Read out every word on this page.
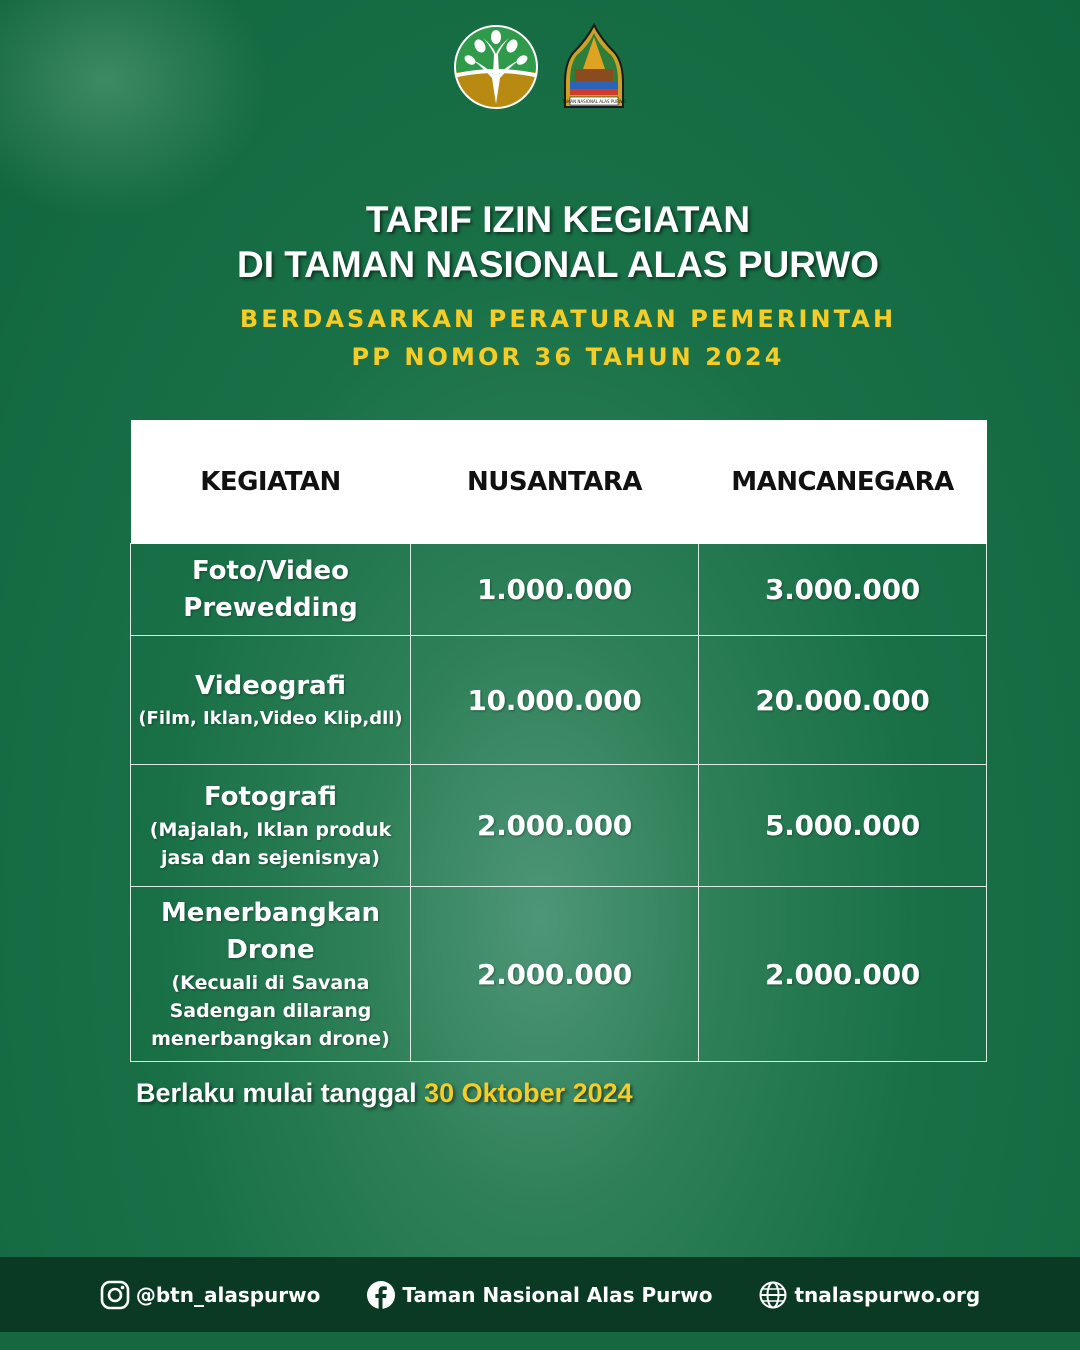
TAMAN NASIONAL ALAS PURWO
TARIF IZIN KEGIATAN
DI TAMAN NASIONAL ALAS PURWO
BERDASARKAN PERATURAN PEMERINTAH
PP NOMOR 36 TAHUN 2024
KEGIATAN	NUSANTARA	MANCANEGARA

Foto/Video Prewedding	1.000.000	3.000.000

Videografi
(Film, Iklan,Video Klip,dll)	10.000.000	20.000.000

Fotografi
(Majalah, Iklan produk jasa dan sejenisnya)	2.000.000	5.000.000

Menerbangkan Drone
(Kecuali di Savana Sadengan dilarang menerbangkan drone)	2.000.000	2.000.000
Berlaku mulai tanggal 30 Oktober 2024
@btn_alaspurwo	Taman Nasional Alas Purwo	tnalaspurwo.org
